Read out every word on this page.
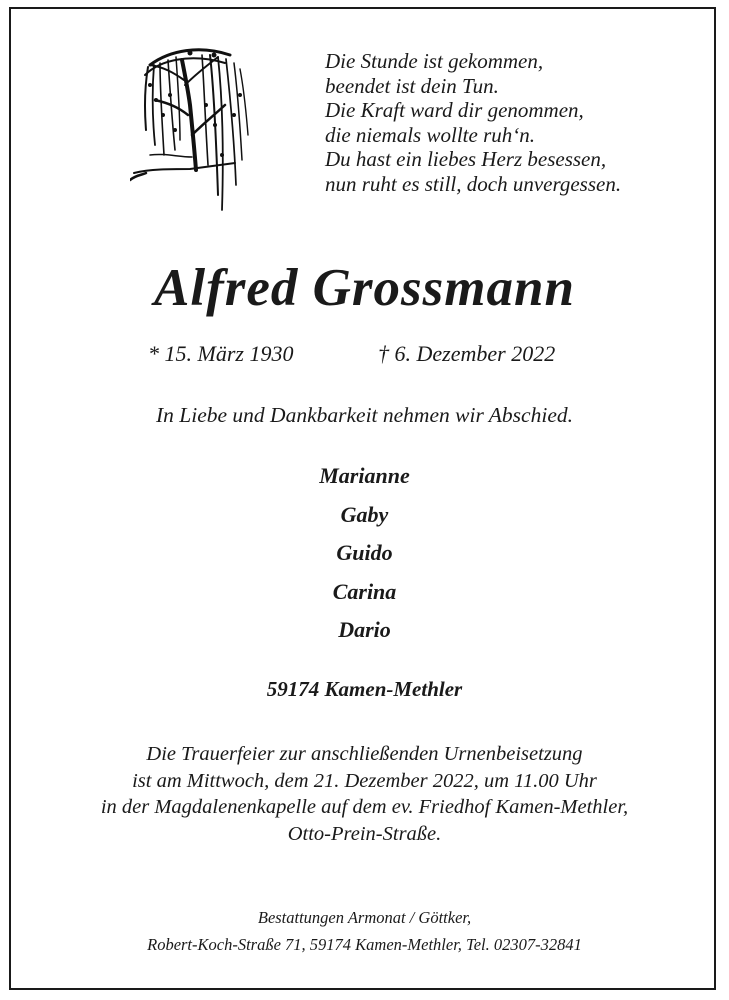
Die Stunde ist gekommen,
beendet ist dein Tun.
Die Kraft ward dir genommen,
die niemals wollte ruh‘n.
Du hast ein liebes Herz besessen,
nun ruht es still, doch unvergessen.
Alfred Grossmann
* 15. März 1930	† 6. Dezember 2022
In Liebe und Dankbarkeit nehmen wir Abschied.
Marianne
Gaby
Guido
Carina
Dario
59174 Kamen-Methler
Die Trauerfeier zur anschließenden Urnenbeisetzung
ist am Mittwoch, dem 21. Dezember 2022, um 11.00 Uhr
in der Magdalenenkapelle auf dem ev. Friedhof Kamen-Methler,
Otto-Prein-Straße.
Bestattungen Armonat / Göttker,
Robert-Koch-Straße 71, 59174 Kamen-Methler, Tel. 02307-32841
